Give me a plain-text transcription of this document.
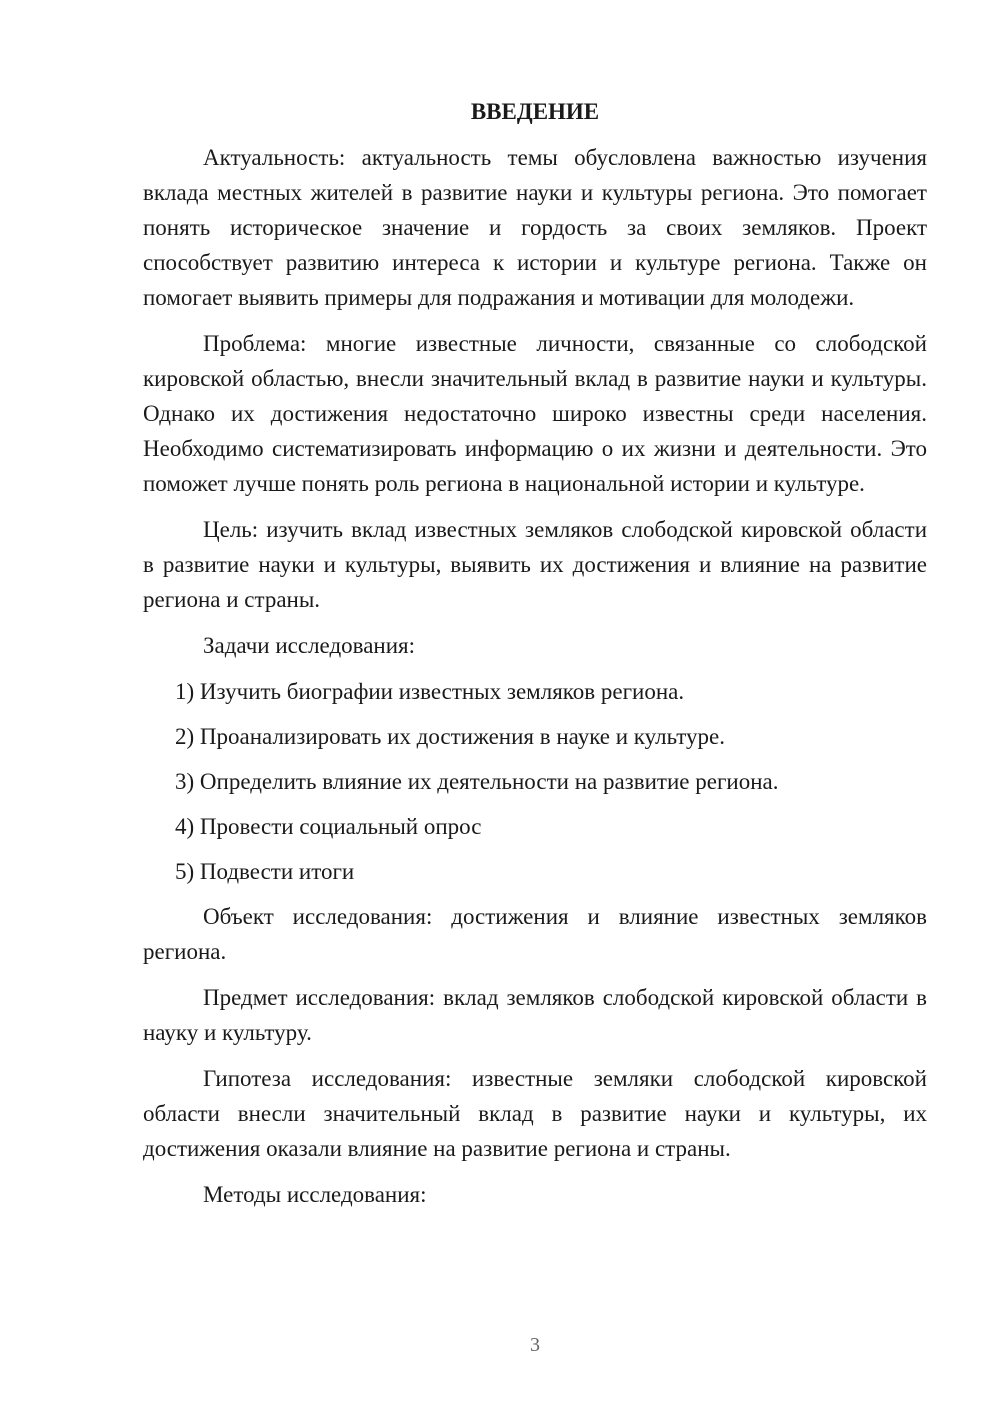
ВВЕДЕНИЕ

Актуальность: актуальность темы обусловлена важностью изучения вклада местных жителей в развитие науки и культуры региона. Это помогает понять историческое значение и гордость за своих земляков. Проект способствует развитию интереса к истории и культуре региона. Также он помогает выявить примеры для подражания и мотивации для молодежи.

Проблема: многие известные личности, связанные со слободской кировской областью, внесли значительный вклад в развитие науки и культуры. Однако их достижения недостаточно широко известны среди населения. Необходимо систематизировать информацию о их жизни и деятельности. Это поможет лучше понять роль региона в национальной истории и культуре.

Цель: изучить вклад известных земляков слободской кировской области в развитие науки и культуры, выявить их достижения и влияние на развитие региона и страны.

Задачи исследования:

1) Изучить биографии известных земляков региона.
2) Проанализировать их достижения в науке и культуре.
3) Определить влияние их деятельности на развитие региона.
4) Провести социальный опрос
5) Подвести итоги

Объект исследования: достижения и влияние известных земляков региона.

Предмет исследования: вклад земляков слободской кировской области в науку и культуру.

Гипотеза исследования: известные земляки слободской кировской области внесли значительный вклад в развитие науки и культуры, их достижения оказали влияние на развитие региона и страны.

Методы исследования:

3
